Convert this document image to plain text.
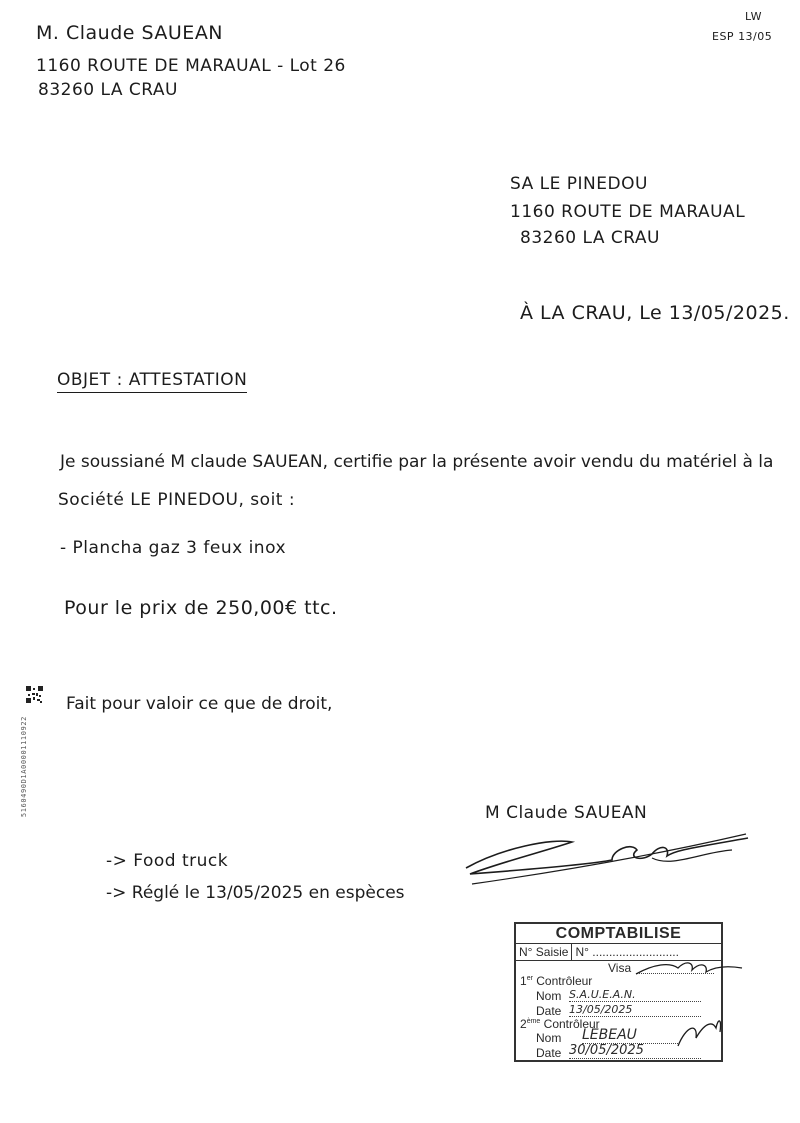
LW
ESP 13/05
M. Claude SAUEAN
1160 ROUTE DE MARAUAL - Lot 26
83260 LA CRAU
SA LE PINEDOU
1160 ROUTE DE MARAUAL
83260 LA CRAU
À LA CRAU, Le 13/05/2025.
OBJET : ATTESTATION
Je soussiané M claude SAUEAN, certifie par la présente avoir vendu du matériel à la
Société LE PINEDOU, soit :
- Plancha gaz 3 feux inox
Pour le prix de 250,00€ ttc.
5160490D1A00001110922
Fait pour valoir ce que de droit,
M Claude SAUEAN
-> Food truck
-> Réglé le 13/05/2025 en espèces
COMPTABILISE
N° Saisie N° ..........................
Visa
1er Contrôleur
Nom S.A.U.E.A.N.
Date 13/05/2025
2ème Contrôleur
Nom LEBEAU
Date 30/05/2025
